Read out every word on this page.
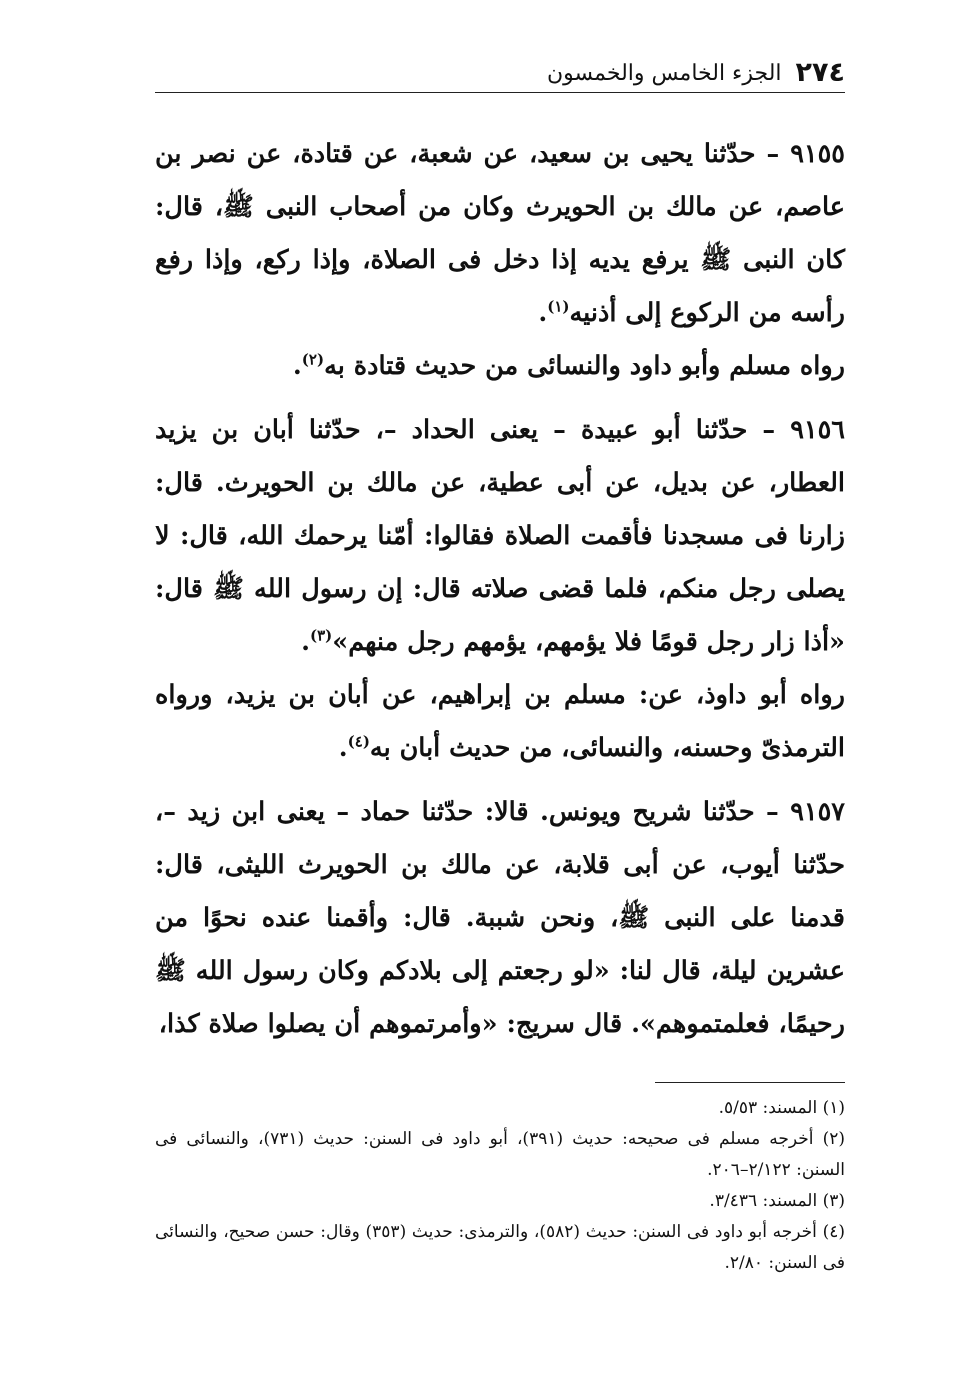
٢٧٤
الجزء الخامس والخمسون

٩١٥٥ – حدّثنا يحيى بن سعيد، عن شعبة، عن قتادة، عن نصر بن عاصم، عن مالك بن الحويرث وكان من أصحاب النبى ﷺ، قال: كان النبى ﷺ يرفع يديه إذا دخل فى الصلاة، وإذا ركع، وإذا رفع رأسه من الركوع إلى أذنيه$^{(١)}$.

رواه مسلم وأبو داود والنسائى من حديث قتادة به$^{(٢)}$.

٩١٥٦ – حدّثنا أبو عبيدة – يعنى الحداد –، حدّثنا أبان بن يزيد العطار، عن بديل، عن أبى عطية، عن مالك بن الحويرث. قال: زارنا فى مسجدنا فأقمت الصلاة فقالوا: أمّنا يرحمك الله، قال: لا يصلى رجل منكم، فلما قضى صلاته قال: إن رسول الله ﷺ قال: «أذا زار رجل قومًا فلا يؤمهم، يؤمهم رجل منهم»$^{(٣)}$.

رواه أبو داوذ، عن: مسلم بن إبراهيم، عن أبان بن يزيد، ورواه الترمذىّ وحسنه، والنسائى، من حديث أبان به$^{(٤)}$.

٩١٥٧ – حدّثنا شريح ويونس. قالا: حدّثنا حماد – يعنى ابن زيد –، حدّثنا أيوب، عن أبى قلابة، عن مالك بن الحويرث الليثى، قال: قدمنا على النبى ﷺ، ونحن شببة. قال: وأقمنا عنده نحوًا من عشرين ليلة، قال لنا: «لو رجعتم إلى بلادكم وكان رسول الله ﷺ رحيمًا، فعلمتموهم». قال سريج: «وأمرتموهم أن يصلوا صلاة كذا،

(١) المسند: ٥/٥٣.

(٢) أخرجه مسلم فى صحيحه: حديث (٣٩١)، أبو داود فى السنن: حديث (٧٣١)، والنسائى فى السنن: ٢/١٢٢–٢٠٦.

(٣) المسند: ٣/٤٣٦.

(٤) أخرجه أبو داود فى السنن: حديث (٥٨٢)، والترمذى: حديث (٣٥٣) وقال: حسن صحيح، والنسائى فى السنن: ٢/٨٠.
